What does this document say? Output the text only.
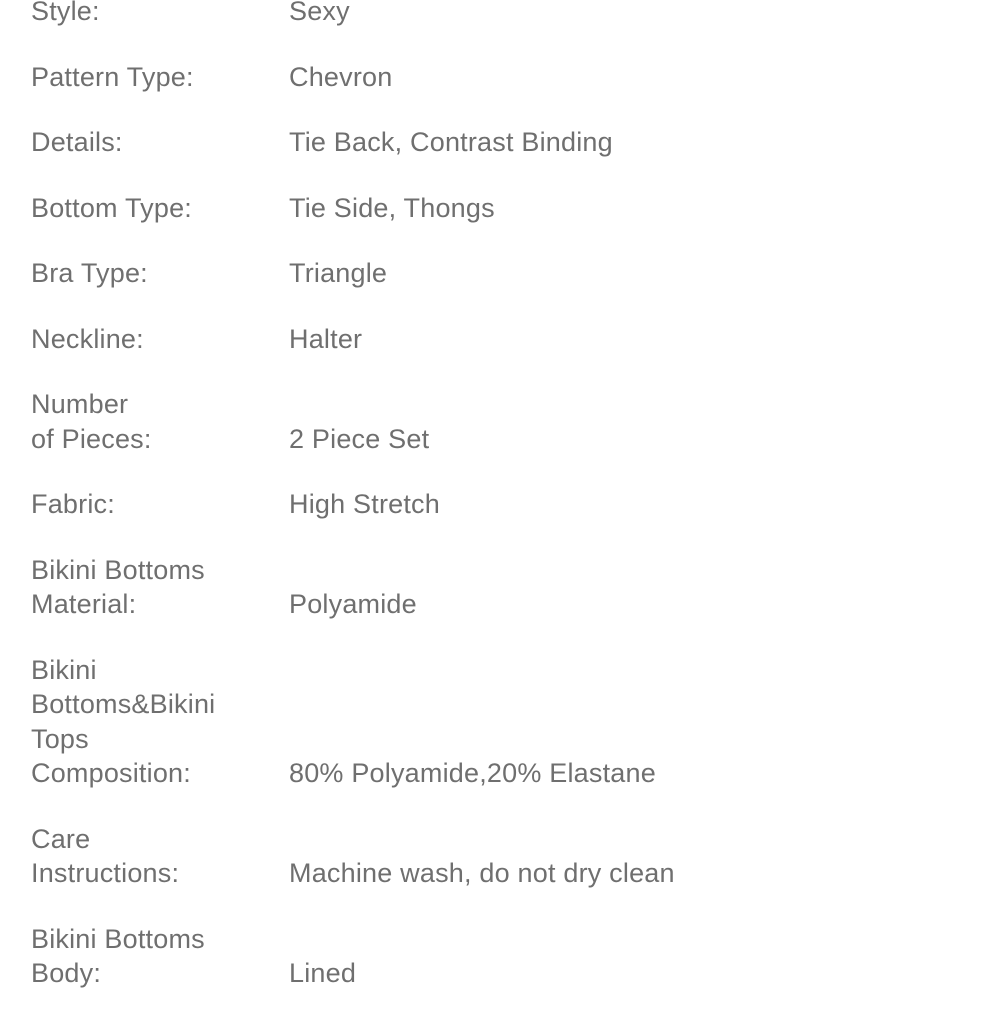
Style:	Sexy
Pattern Type:	Chevron
Details:	Tie Back, Contrast Binding
Bottom Type:	Tie Side, Thongs
Bra Type:	Triangle
Neckline:	Halter
Number
of Pieces:	2 Piece Set
Fabric:	High Stretch
Bikini Bottoms
Material:	Polyamide
Bikini
Bottoms&Bikini
Tops
Composition:	80% Polyamide,20% Elastane
Care
Instructions:	Machine wash, do not dry clean
Bikini Bottoms
Body:	Lined
